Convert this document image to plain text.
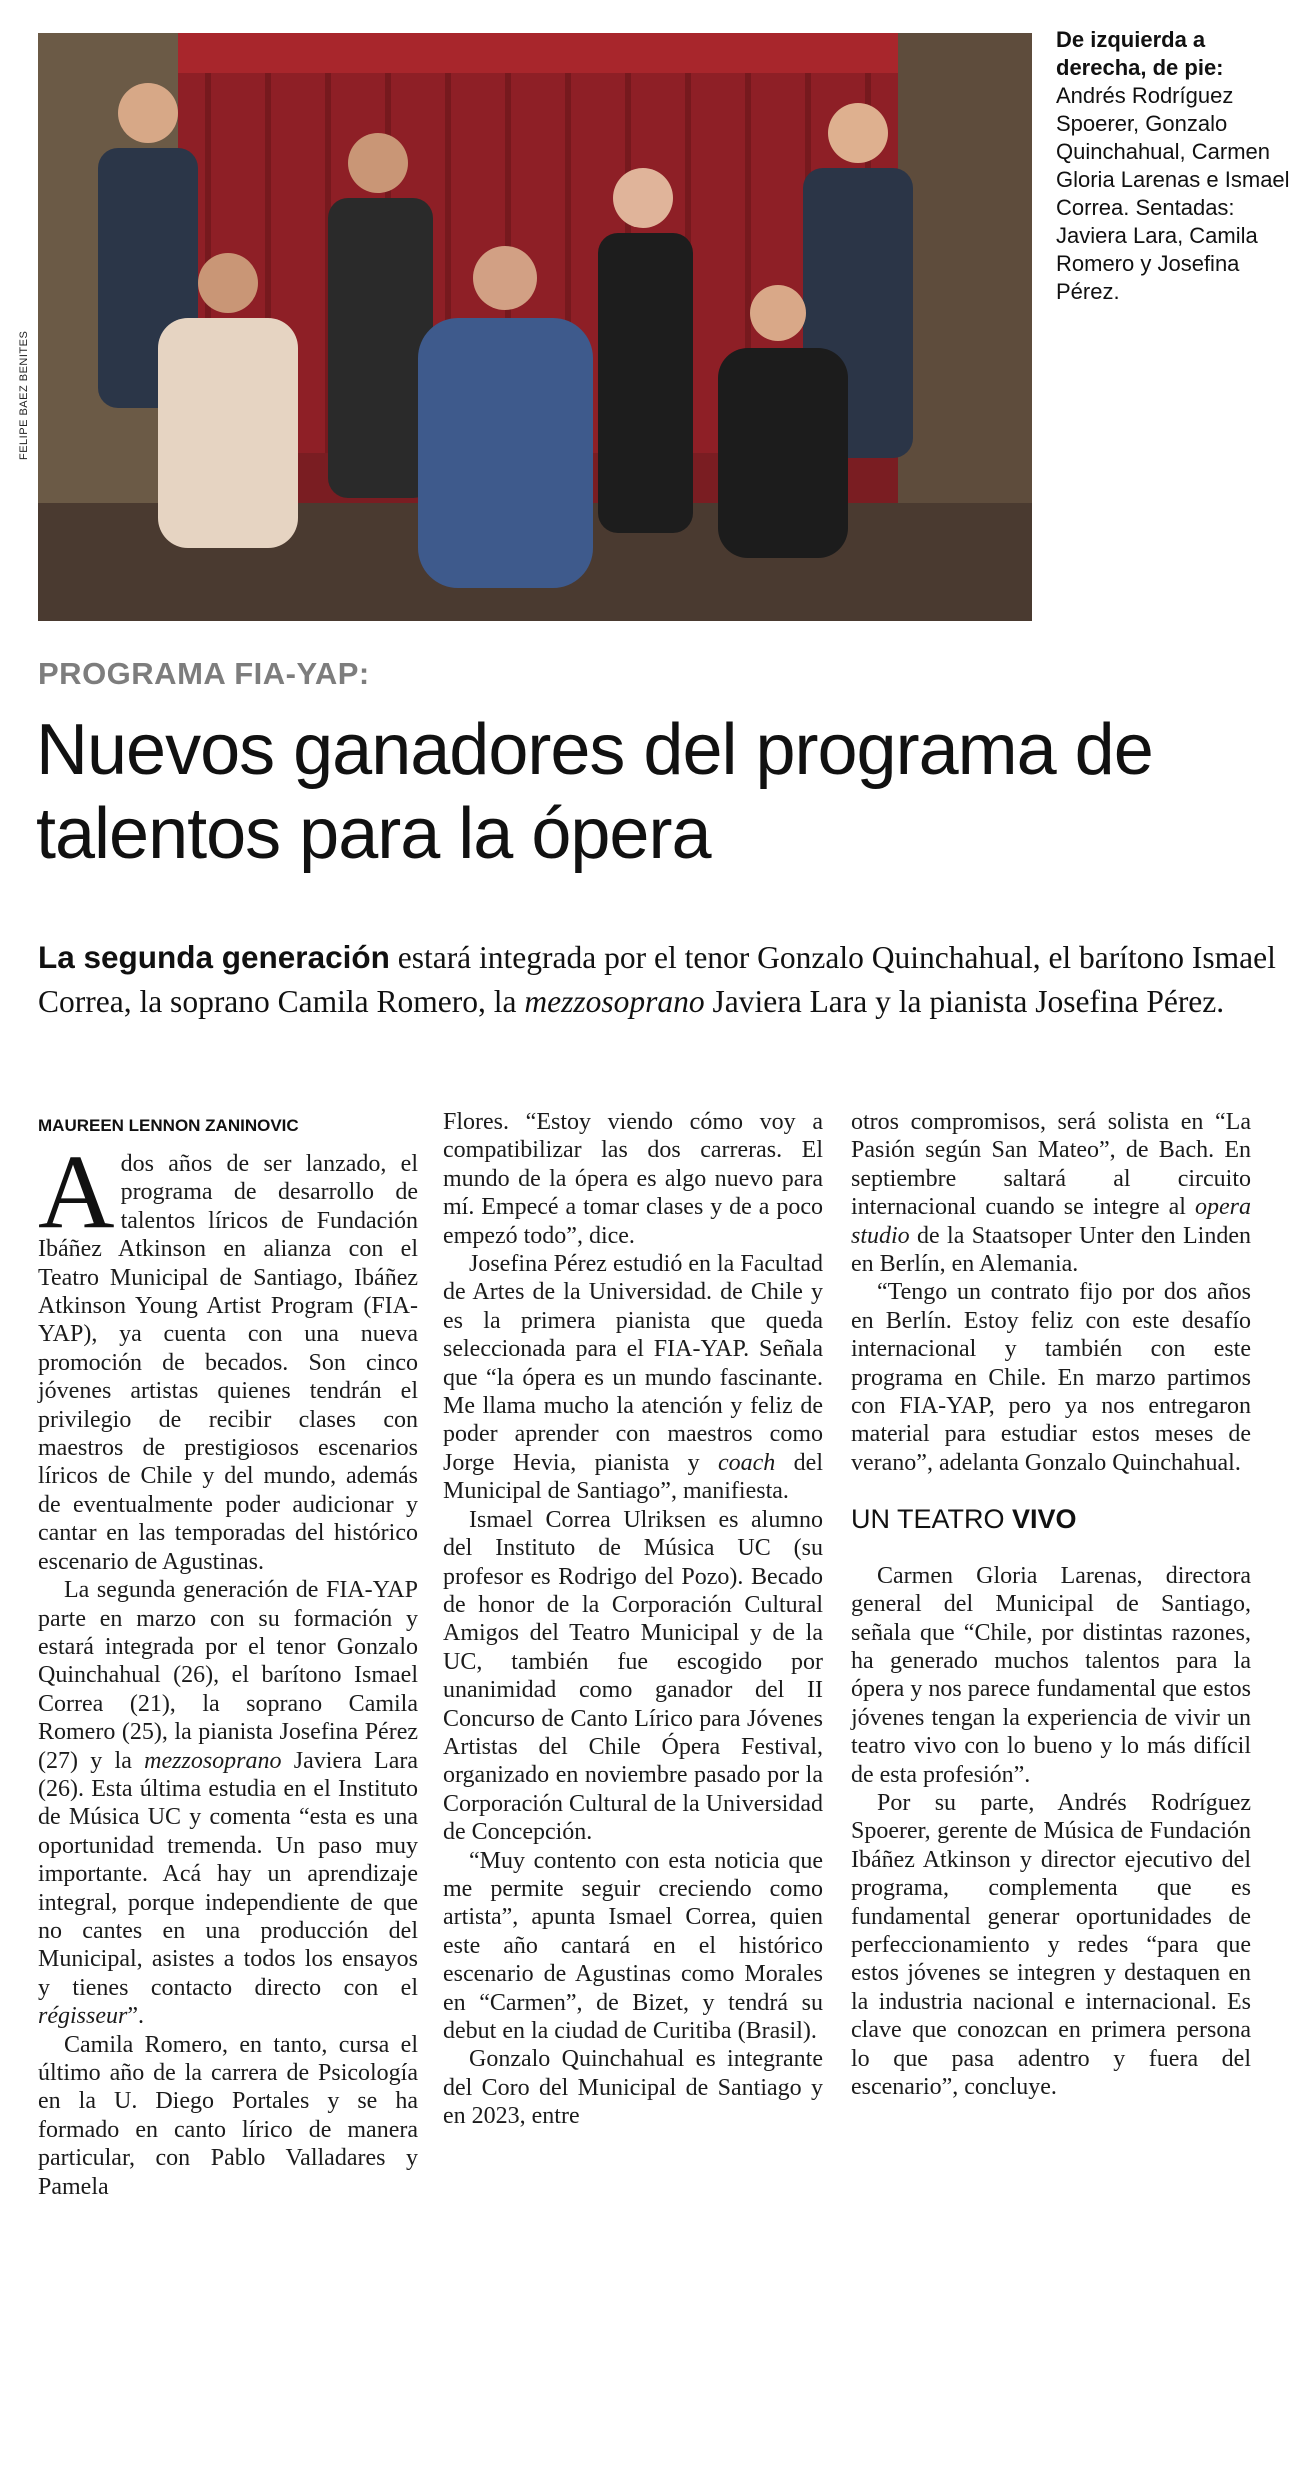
FELIPE BAEZ BENITES
De izquierda a derecha, de pie: Andrés Rodríguez Spoerer, Gonzalo Quinchahual, Carmen Gloria Larenas e Ismael Correa. Sentadas: Javiera Lara, Camila Romero y Josefina Pérez.
PROGRAMA FIA-YAP:
Nuevos ganadores del programa de talentos para la ópera
La segunda generación estará integrada por el tenor Gonzalo Quinchahual, el barítono Ismael Correa, la soprano Camila Romero, la mezzosoprano Javiera Lara y la pianista Josefina Pérez.
MAUREEN LENNON ZANINOVIC

A dos años de ser lanzado, el programa de desarrollo de talentos líricos de Fundación Ibáñez Atkinson en alianza con el Teatro Municipal de Santiago, Ibáñez Atkinson Young Artist Program (FIA-YAP), ya cuenta con una nueva promoción de becados. Son cinco jóvenes artistas quienes tendrán el privilegio de recibir clases con maestros de prestigiosos escenarios líricos de Chile y del mundo, además de eventualmente poder audicionar y cantar en las temporadas del histórico escenario de Agustinas.

La segunda generación de FIA-YAP parte en marzo con su formación y estará integrada por el tenor Gonzalo Quinchahual (26), el barítono Ismael Correa (21), la soprano Camila Romero (25), la pianista Josefina Pérez (27) y la mezzosoprano Javiera Lara (26). Esta última estudia en el Instituto de Música UC y comenta “esta es una oportunidad tremenda. Un paso muy importante. Acá hay un aprendizaje integral, porque independiente de que no cantes en una producción del Municipal, asistes a todos los ensayos y tienes contacto directo con el régisseur”.

Camila Romero, en tanto, cursa el último año de la carrera de Psicología en la U. Diego Portales y se ha formado en canto lírico de manera particular, con Pablo Valladares y Pamela

Flores. “Estoy viendo cómo voy a compatibilizar las dos carreras. El mundo de la ópera es algo nuevo para mí. Empecé a tomar clases y de a poco empezó todo”, dice.

Josefina Pérez estudió en la Facultad de Artes de la Universidad. de Chile y es la primera pianista que queda seleccionada para el FIA-YAP. Señala que “la ópera es un mundo fascinante. Me llama mucho la atención y feliz de poder aprender con maestros como Jorge Hevia, pianista y coach del Municipal de Santiago”, manifiesta.

Ismael Correa Ulriksen es alumno del Instituto de Música UC (su profesor es Rodrigo del Pozo). Becado de honor de la Corporación Cultural Amigos del Teatro Municipal y de la UC, también fue escogido por unanimidad como ganador del II Concurso de Canto Lírico para Jóvenes Artistas del Chile Ópera Festival, organizado en noviembre pasado por la Corporación Cultural de la Universidad de Concepción.

“Muy contento con esta noticia que me permite seguir creciendo como artista”, apunta Ismael Correa, quien este año cantará en el histórico escenario de Agustinas como Morales en “Carmen”, de Bizet, y tendrá su debut en la ciudad de Curitiba (Brasil).

Gonzalo Quinchahual es integrante del Coro del Municipal de Santiago y en 2023, entre

otros compromisos, será solista en “La Pasión según San Mateo”, de Bach. En septiembre saltará al circuito internacional cuando se integre al opera studio de la Staatsoper Unter den Linden en Berlín, en Alemania.

“Tengo un contrato fijo por dos años en Berlín. Estoy feliz con este desafío internacional y también con este programa en Chile. En marzo partimos con FIA-YAP, pero ya nos entregaron material para estudiar estos meses de verano”, adelanta Gonzalo Quinchahual.

UN TEATRO VIVO

Carmen Gloria Larenas, directora general del Municipal de Santiago, señala que “Chile, por distintas razones, ha generado muchos talentos para la ópera y nos parece fundamental que estos jóvenes tengan la experiencia de vivir un teatro vivo con lo bueno y lo más difícil de esta profesión”.

Por su parte, Andrés Rodríguez Spoerer, gerente de Música de Fundación Ibáñez Atkinson y director ejecutivo del programa, complementa que es fundamental generar oportunidades de perfeccionamiento y redes “para que estos jóvenes se integren y destaquen en la industria nacional e internacional. Es clave que conozcan en primera persona lo que pasa adentro y fuera del escenario”, concluye.
